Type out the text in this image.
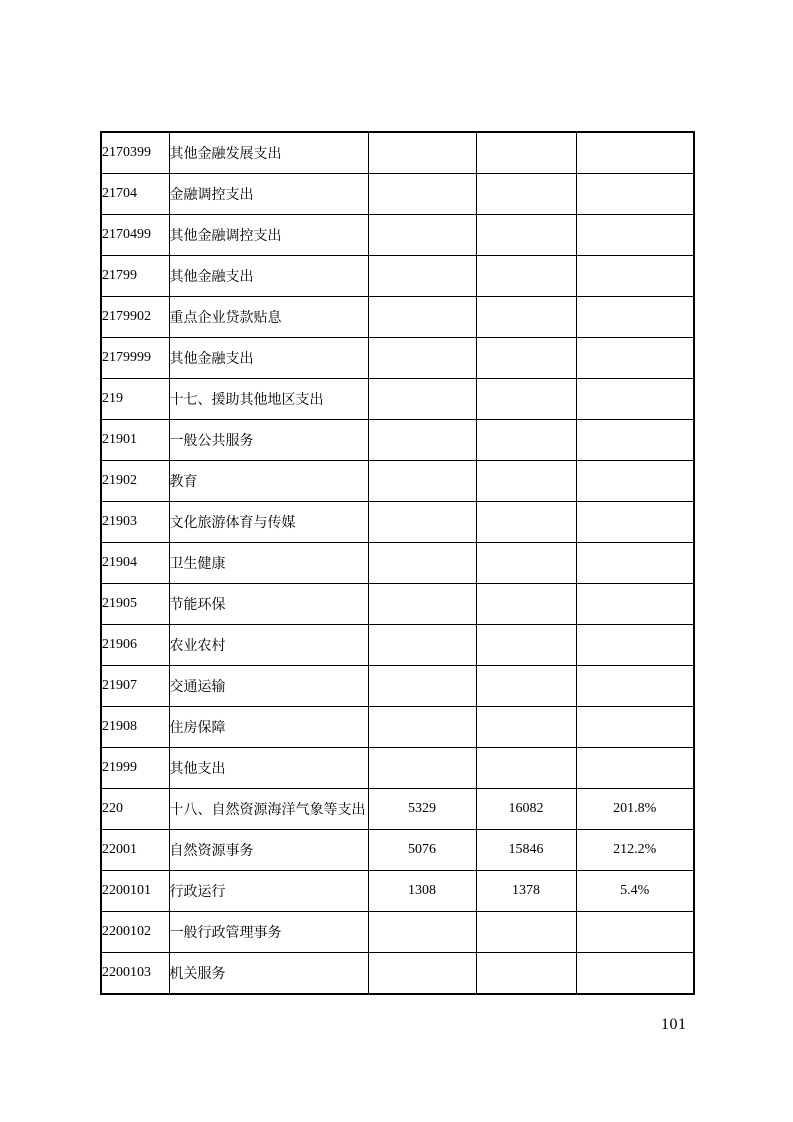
2170399	其他金融发展支出			
21704	金融调控支出			
2170499	其他金融调控支出			
21799	其他金融支出			
2179902	重点企业贷款贴息			
2179999	其他金融支出			
219	十七、援助其他地区支出			
21901	一般公共服务			
21902	教育			
21903	文化旅游体育与传媒			
21904	卫生健康			
21905	节能环保			
21906	农业农村			
21907	交通运输			
21908	住房保障			
21999	其他支出			
220	十八、自然资源海洋气象等支出	5329	16082	201.8%
22001	自然资源事务	5076	15846	212.2%
2200101	行政运行	1308	1378	5.4%
2200102	一般行政管理事务			
2200103	机关服务			
101
